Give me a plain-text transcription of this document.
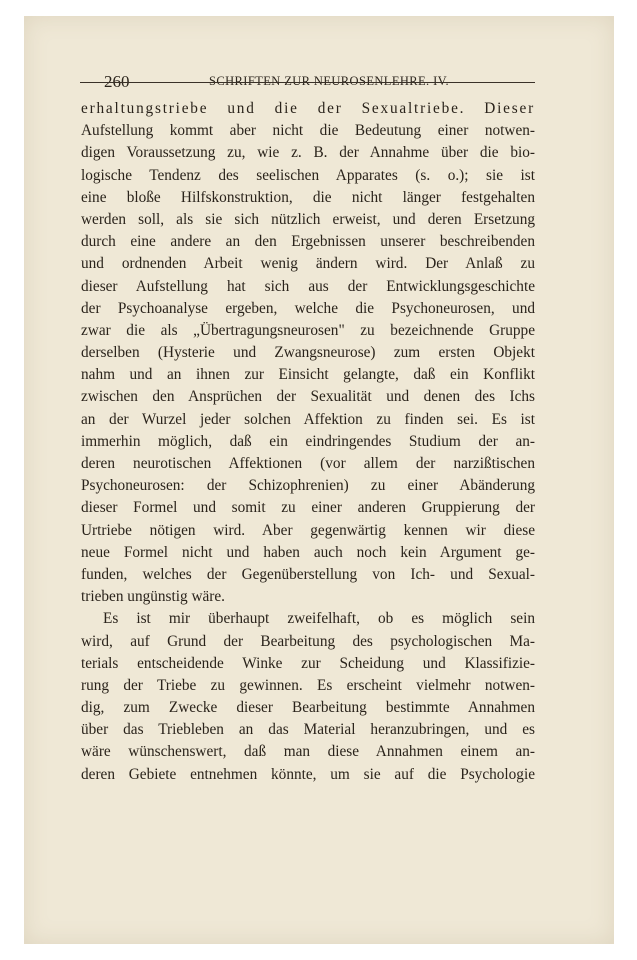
260	SCHRIFTEN ZUR NEUROSENLEHRE. IV.
erhaltungstriebe und die der Sexualtriebe. Dieser
Aufstellung kommt aber nicht die Bedeutung einer notwen-
digen Voraussetzung zu, wie z. B. der Annahme über die bio-
logische Tendenz des seelischen Apparates (s. o.); sie ist
eine bloße Hilfskonstruktion, die nicht länger festgehalten
werden soll, als sie sich nützlich erweist, und deren Ersetzung
durch eine andere an den Ergebnissen unserer beschreibenden
und ordnenden Arbeit wenig ändern wird. Der Anlaß zu
dieser Aufstellung hat sich aus der Entwicklungsgeschichte
der Psychoanalyse ergeben, welche die Psychoneurosen, und
zwar die als „Übertragungsneurosen" zu bezeichnende Gruppe
derselben (Hysterie und Zwangsneurose) zum ersten Objekt
nahm und an ihnen zur Einsicht gelangte, daß ein Konflikt
zwischen den Ansprüchen der Sexualität und denen des Ichs
an der Wurzel jeder solchen Affektion zu finden sei. Es ist
immerhin möglich, daß ein eindringendes Studium der an-
deren neurotischen Affektionen (vor allem der narzißtischen
Psychoneurosen: der Schizophrenien) zu einer Abänderung
dieser Formel und somit zu einer anderen Gruppierung der
Urtriebe nötigen wird. Aber gegenwärtig kennen wir diese
neue Formel nicht und haben auch noch kein Argument ge-
funden, welches der Gegenüberstellung von Ich- und Sexual-
trieben ungünstig wäre.
Es ist mir überhaupt zweifelhaft, ob es möglich sein
wird, auf Grund der Bearbeitung des psychologischen Ma-
terials entscheidende Winke zur Scheidung und Klassifizie-
rung der Triebe zu gewinnen. Es erscheint vielmehr notwen-
dig, zum Zwecke dieser Bearbeitung bestimmte Annahmen
über das Triebleben an das Material heranzubringen, und es
wäre wünschenswert, daß man diese Annahmen einem an-
deren Gebiete entnehmen könnte, um sie auf die Psychologie
